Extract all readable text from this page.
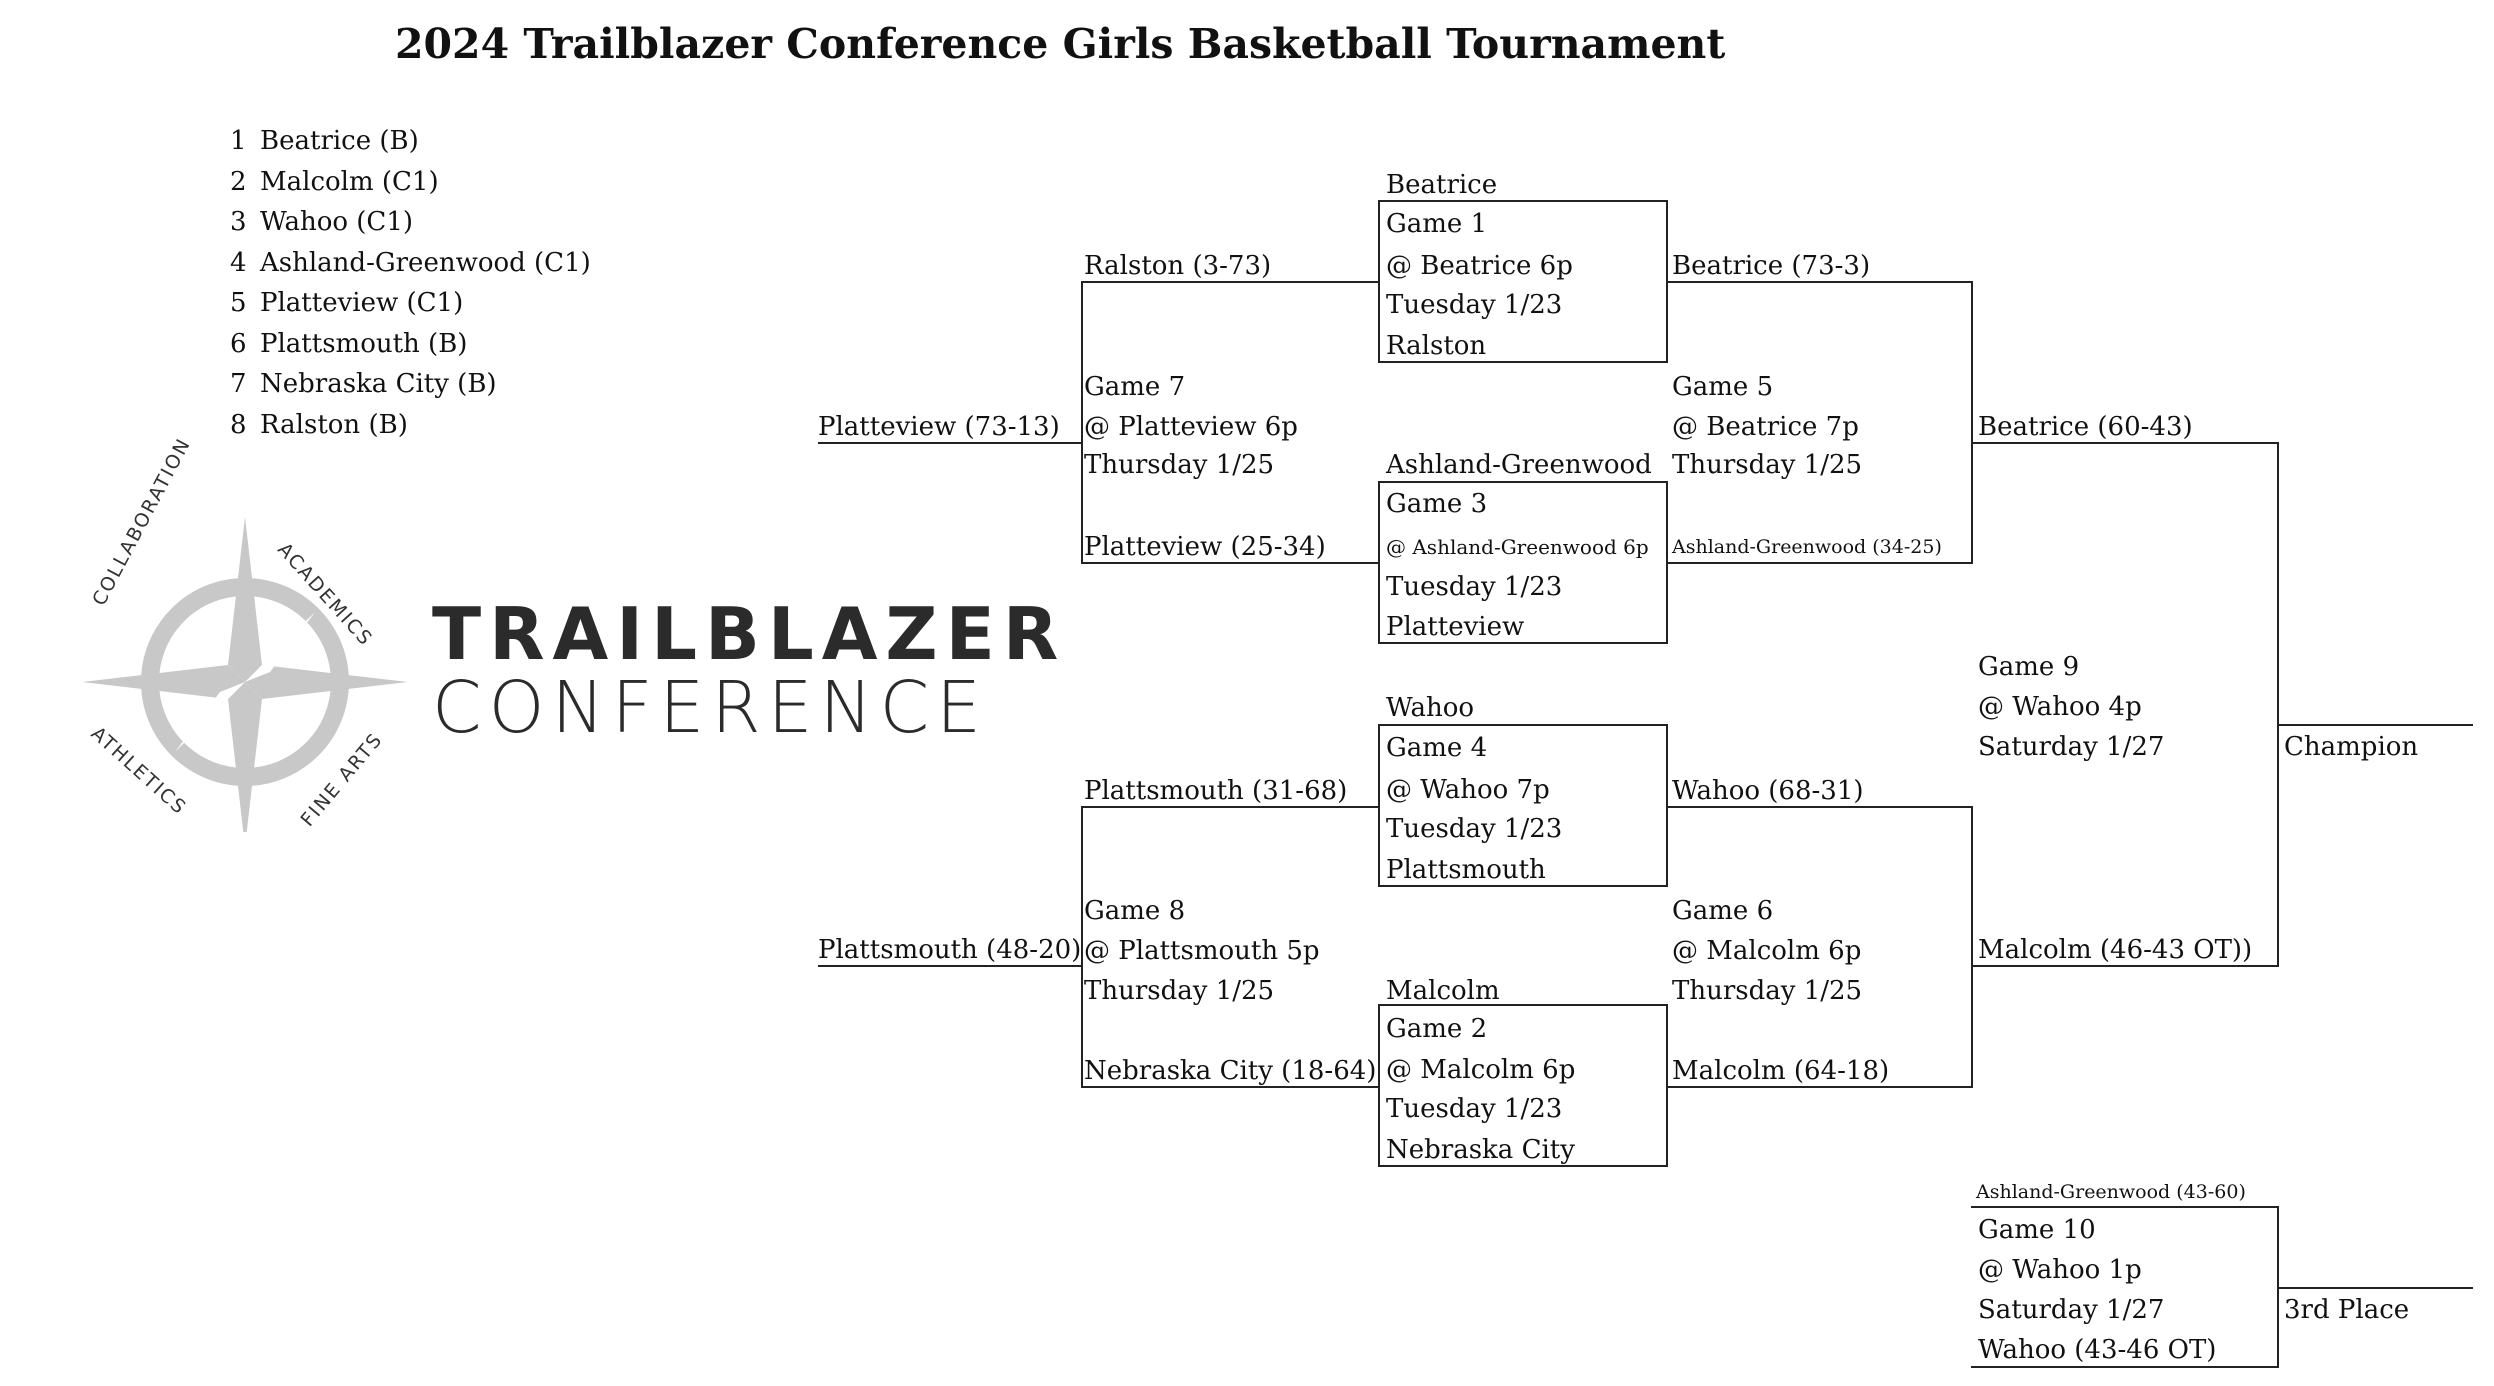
2024 Trailblazer Conference Girls Basketball Tournament
1 Beatrice (B)
2 Malcolm (C1)
3 Wahoo (C1)
4 Ashland-Greenwood (C1)
5 Platteview (C1)
6 Plattsmouth (B)
7 Nebraska City (B)
8 Ralston (B)
COLLABORATION	ACADEMICS
ATHLETICS	FINE ARTS
TRAILBLAZER
CONFERENCE
Platteview (73-13)
Plattsmouth (48-20)
Ralston (3-73)
Game 7
@ Platteview 6p
Thursday 1/25
Platteview (25-34)
Plattsmouth (31-68)
Game 8
@ Plattsmouth 5p
Thursday 1/25
Nebraska City (18-64)
Beatrice
Game 1
@ Beatrice 6p
Tuesday 1/23
Ralston
Ashland-Greenwood
Game 3
@ Ashland-Greenwood 6p
Tuesday 1/23
Platteview
Wahoo
Game 4
@ Wahoo 7p
Tuesday 1/23
Plattsmouth
Malcolm
Game 2
@ Malcolm 6p
Tuesday 1/23
Nebraska City
Beatrice (73-3)
Game 5
@ Beatrice 7p
Thursday 1/25
Ashland-Greenwood (34-25)
Wahoo (68-31)
Game 6
@ Malcolm 6p
Thursday 1/25
Malcolm (64-18)
Beatrice (60-43)
Game 9
@ Wahoo 4p
Saturday 1/27
Malcolm (46-43 OT))
Champion
Ashland-Greenwood (43-60)
Game 10
@ Wahoo 1p
Saturday 1/27
Wahoo (43-46 OT)
3rd Place
